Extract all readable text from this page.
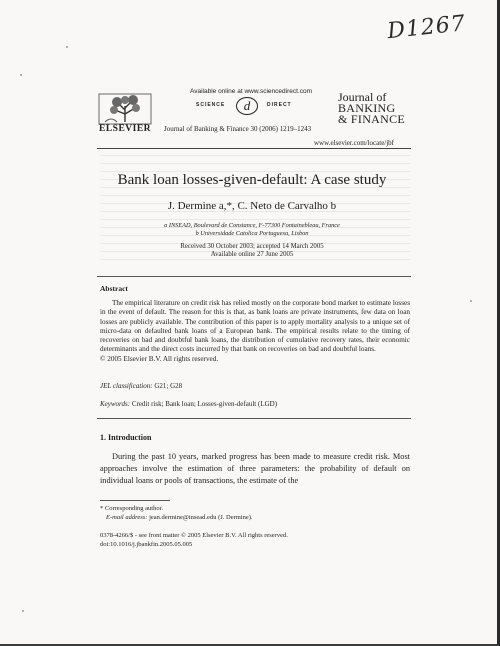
D1267
ELSEVIER
Available online at www.sciencedirect.com
SCIENCE	d	DIRECT
Journal of Banking & Finance 30 (2006) 1219–1243
Journal of
BANKING
& FINANCE
www.elsevier.com/locate/jbf
Bank loan losses-given-default: A case study
J. Dermine a,*, C. Neto de Carvalho b
a INSEAD, Boulevard de Constance, F-77300 Fontainebleau, France
b Universidade Catolica Portuguesa, Lisbon
Received 30 October 2003; accepted 14 March 2005
Available online 27 June 2005
Abstract
The empirical literature on credit risk has relied mostly on the corporate bond market to estimate losses in the event of default. The reason for this is that, as bank loans are private instruments, few data on loan losses are publicly available. The contribution of this paper is to apply mortality analysis to a unique set of micro-data on defaulted bank loans of a European bank. The empirical results relate to the timing of recoveries on bad and doubtful bank loans, the distribution of cumulative recovery rates, their economic determinants and the direct costs incurred by that bank on recoveries on bad and doubtful loans.
© 2005 Elsevier B.V. All rights reserved.
JEL classification: G21; G28
Keywords: Credit risk; Bank loan; Losses-given-default (LGD)
1. Introduction
During the past 10 years, marked progress has been made to measure credit risk. Most approaches involve the estimation of three parameters: the probability of default on individual loans or pools of transactions, the estimate of the
* Corresponding author.
E-mail address: jean.dermine@insead.edu (J. Dermine).
0378-4266/$ - see front matter © 2005 Elsevier B.V. All rights reserved.
doi:10.1016/j.jbankfin.2005.05.005
